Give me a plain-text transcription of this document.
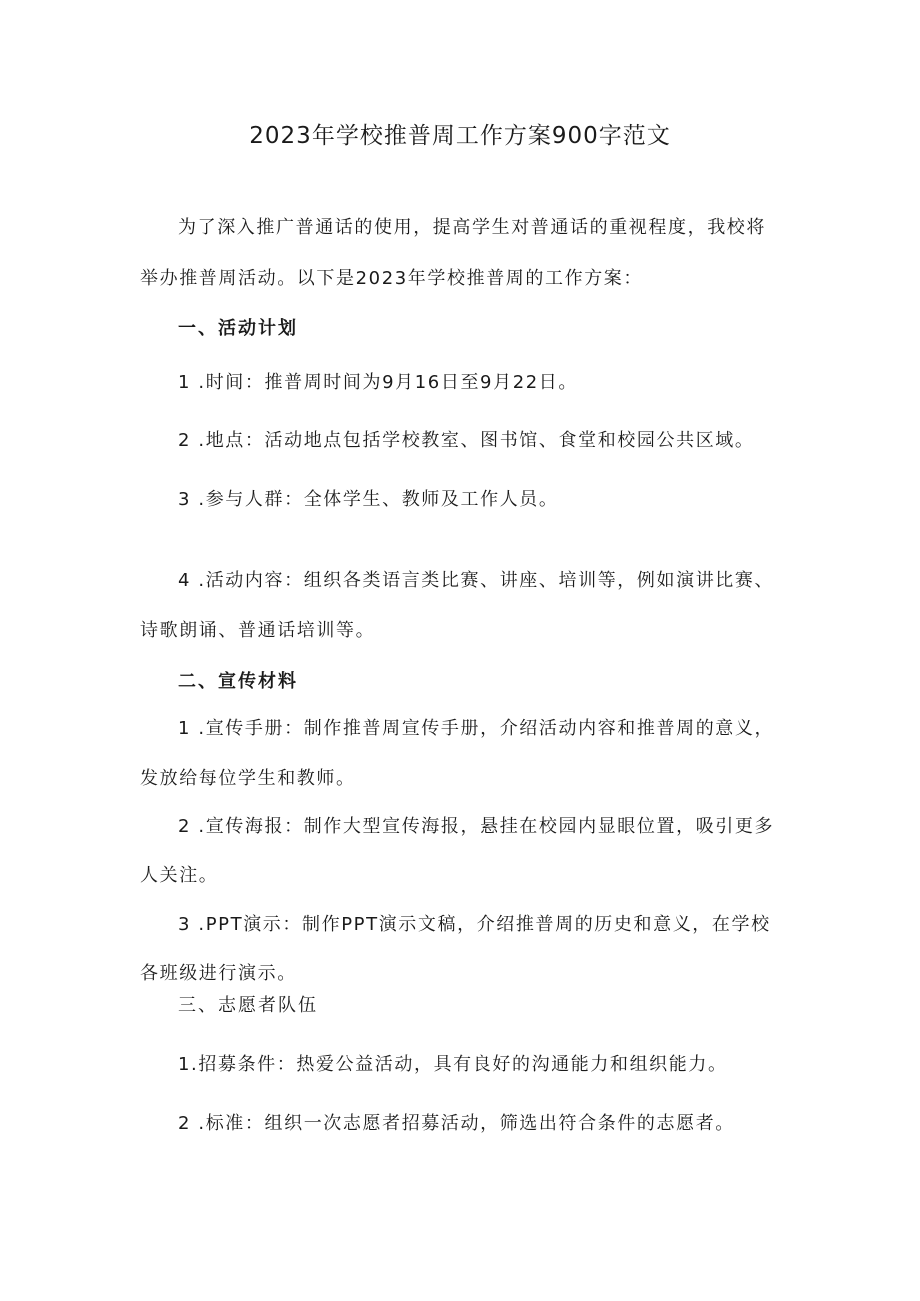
2023年学校推普周工作方案900字范文
为了深入推广普通话的使用，提高学生对普通话的重视程度，我校将
举办推普周活动。以下是2023年学校推普周的工作方案：
一、活动计划
1 .时间：推普周时间为9月16日至9月22日。
2 .地点：活动地点包括学校教室、图书馆、食堂和校园公共区域。
3 .参与人群：全体学生、教师及工作人员。
4 .活动内容：组织各类语言类比赛、讲座、培训等，例如演讲比赛、
诗歌朗诵、普通话培训等。
二、宣传材料
1 .宣传手册：制作推普周宣传手册，介绍活动内容和推普周的意义，
发放给每位学生和教师。
2 .宣传海报：制作大型宣传海报，悬挂在校园内显眼位置，吸引更多
人关注。
3 .PPT演示：制作PPT演示文稿，介绍推普周的历史和意义，在学校
各班级进行演示。
三、志愿者队伍
1.招募条件：热爱公益活动，具有良好的沟通能力和组织能力。
2 .标准：组织一次志愿者招募活动，筛选出符合条件的志愿者。
